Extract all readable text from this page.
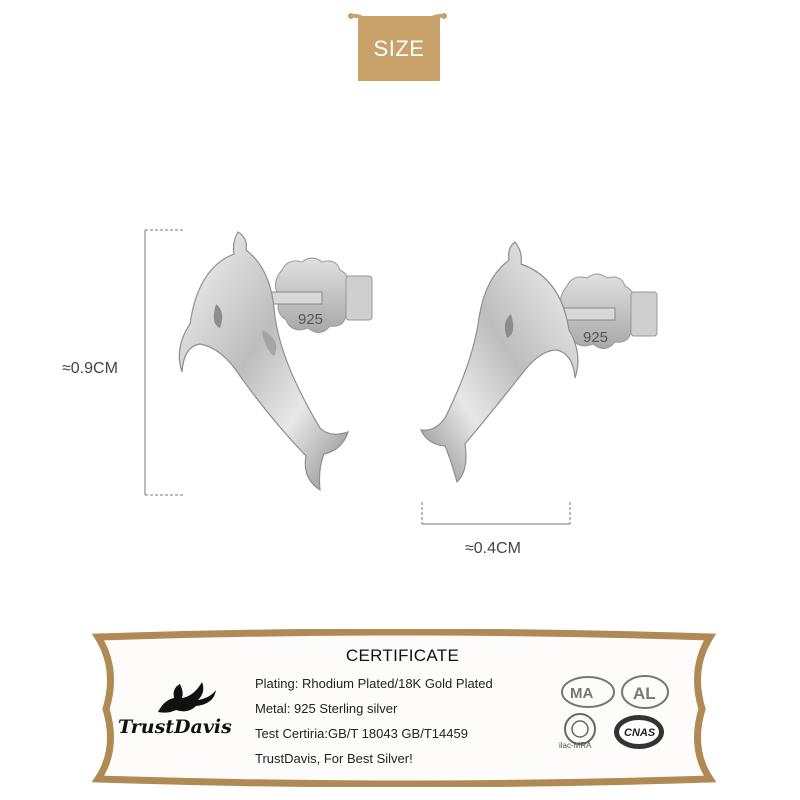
SIZE
≈0.9CM
≈0.4CM
925
925
CERTIFICATE
Plating: Rhodium Plated/18K Gold Plated
Metal: 925 Sterling silver
Test Certiria:GB/T 18043 GB/T14459
TrustDavis, For Best Silver!
TrustDavis
MA AL
ilac-MRA
CNAS
